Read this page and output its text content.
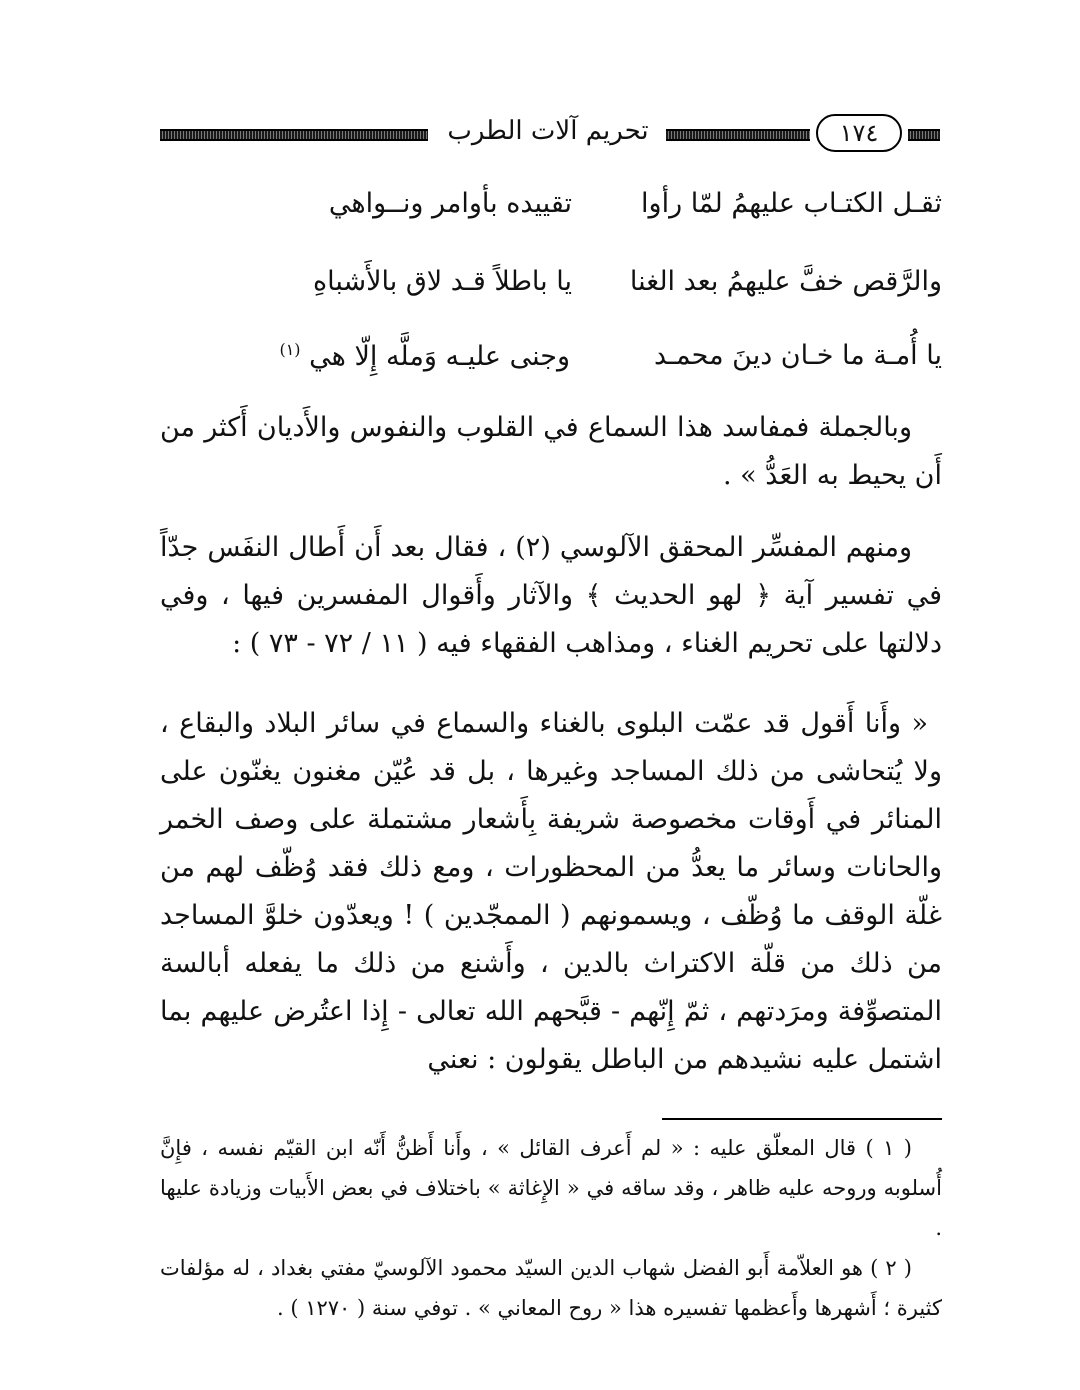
تحريم آلات الطرب	١٧٤
ثقـل الكتـاب عليهمُ لمّا رأوا
تقييده بأوامر ونــواهي
والرَّقص خفَّ عليهمُ بعد الغنا
يا باطلاً قـد لاق بالأَشباهِ
يا أُمـة ما خـان دينَ محمـد
وجنى عليـه وَملَّه إِلّا هي $^{(١)}$

وبالجملة فمفاسد هذا السماع في القلوب والنفوس والأَديان أَكثر من أَن يحيط به العَدُّ » .

ومنهم المفسِّر المحقق الآلوسي (٢) ، فقال بعد أَن أَطال النفَس جدّاً في تفسير آية ﴿ لهو الحديث ﴾ والآثار وأَقوال المفسرين فيها ، وفي دلالتها على تحريم الغناء ، ومذاهب الفقهاء فيه ( ١١ / ٧٢ - ٧٣ ) :

« وأَنا أَقول قد عمّت البلوى بالغناء والسماع في سائر البلاد والبقاع ، ولا يُتحاشى من ذلك المساجد وغيرها ، بل قد عُيّن مغنون يغنّون على المنائر في أَوقات مخصوصة شريفة بِأَشعار مشتملة على وصف الخمر والحانات وسائر ما يعدُّ من المحظورات ، ومع ذلك فقد وُظّف لهم من غلّة الوقف ما وُظّف ، ويسمونهم ( الممجّدين ) ! ويعدّون خلوَّ المساجد من ذلك من قلّة الاكتراث بالدين ، وأَشنع من ذلك ما يفعله أبالسة المتصوِّفة ومرَدتهم ، ثمّ إِنّهم - قبَّحهم الله تعالى - إِذا اعتُرض عليهم بما اشتمل عليه نشيدهم من الباطل يقولون : نعني

( ١ ) قال المعلّق عليه : « لم أَعرف القائل » ، وأَنا أَظنُّ أَنّه ابن القيّم نفسه ، فإِنَّ أُسلوبه وروحه عليه ظاهر ، وقد ساقه في « الإِغاثة » باختلاف في بعض الأَبيات وزيادة عليها .

( ٢ ) هو العلاّمة أَبو الفضل شهاب الدين السيّد محمود الآلوسيّ مفتي بغداد ، له مؤلفات كثيرة ؛ أَشهرها وأَعظمها تفسيره هذا « روح المعاني » . توفي سنة ( ١٢٧٠ ) .
